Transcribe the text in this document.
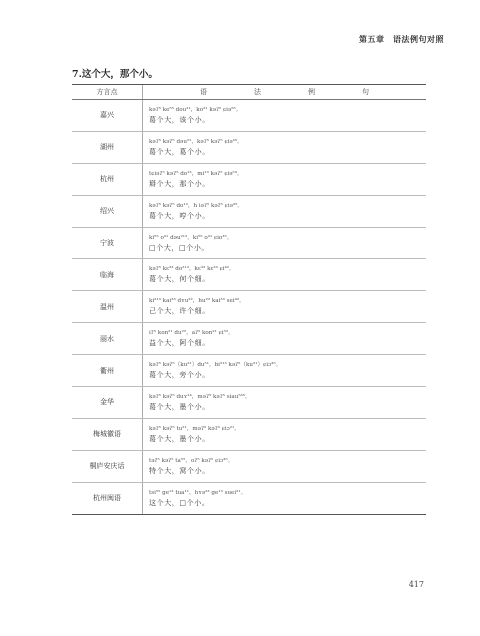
第五章　语法例句对照
7.这个大，那个小。
方言点	语　法　例　句
嘉兴
kəʔ⁵ ke⁵⁵ dou²¹，ko²¹ kəʔ⁵ ɕiə⁵⁵。
葛个大，该个小。
湖州
kəʔ⁵ kəʔ⁵ dəu²¹，kəʔ⁵ kəʔ⁵ ɕiə³⁵。
葛个大，葛个小。
杭州
tɕiəʔ⁵ kəʔ⁵ do¹³，mi¹³ kəʔ⁵ ɕiə⁵³。
搿个大，那个小。
绍兴
kəʔ⁵ kəʔ⁵ do¹³，h iəʔ⁵ kəʔ⁵ ɕiə³⁵。
葛个大，哼个小。
宁波
ki⁵⁵ o³¹ dəu²¹³，ki⁵⁵ o³¹ ɕio³⁵。
□个大，□个小。
临海
kəʔ⁵ kε³³ do²¹³，kε³³ kε³³ ɕi⁴²。
葛个大，何个细。
温州
ki²¹³ kai³³ dʏu²²，hu²² kai³³ sei⁴²。
己个大，许个细。
丽水
iʔ⁵ kon²¹ du²²，aʔ⁵ kon²¹ ɕi⁵²。
益个大，阿个细。
衢州
kəʔ⁵ kəʔ⁵（ku²¹）du⁵¹，bi²¹³ kəʔ⁵（ku²¹）ɕiɔ³⁵。
葛个大，旁个小。
金华
kəʔ⁵ kəʔ⁵ duʏ¹⁴，məʔ⁵ kəʔ⁵ siau⁵³⁵。
葛个大，墨个小。
梅城徽语
kəʔ⁵ kəʔ⁵ tu²¹，məʔ⁵ kəʔ⁵ ɕiɔ²¹。
葛个大，墨个小。
桐庐安庆话
təʔ⁵ kəʔ⁵ ta⁵⁵，oʔ⁵ kəʔ⁵ ɕiɔ³⁵。
特个大，窝个小。
杭州闽语
tsi⁵⁵ ge¹³ tua¹¹，hʏə³³ ge¹³ suei²¹。
这个大，□个小。
417
